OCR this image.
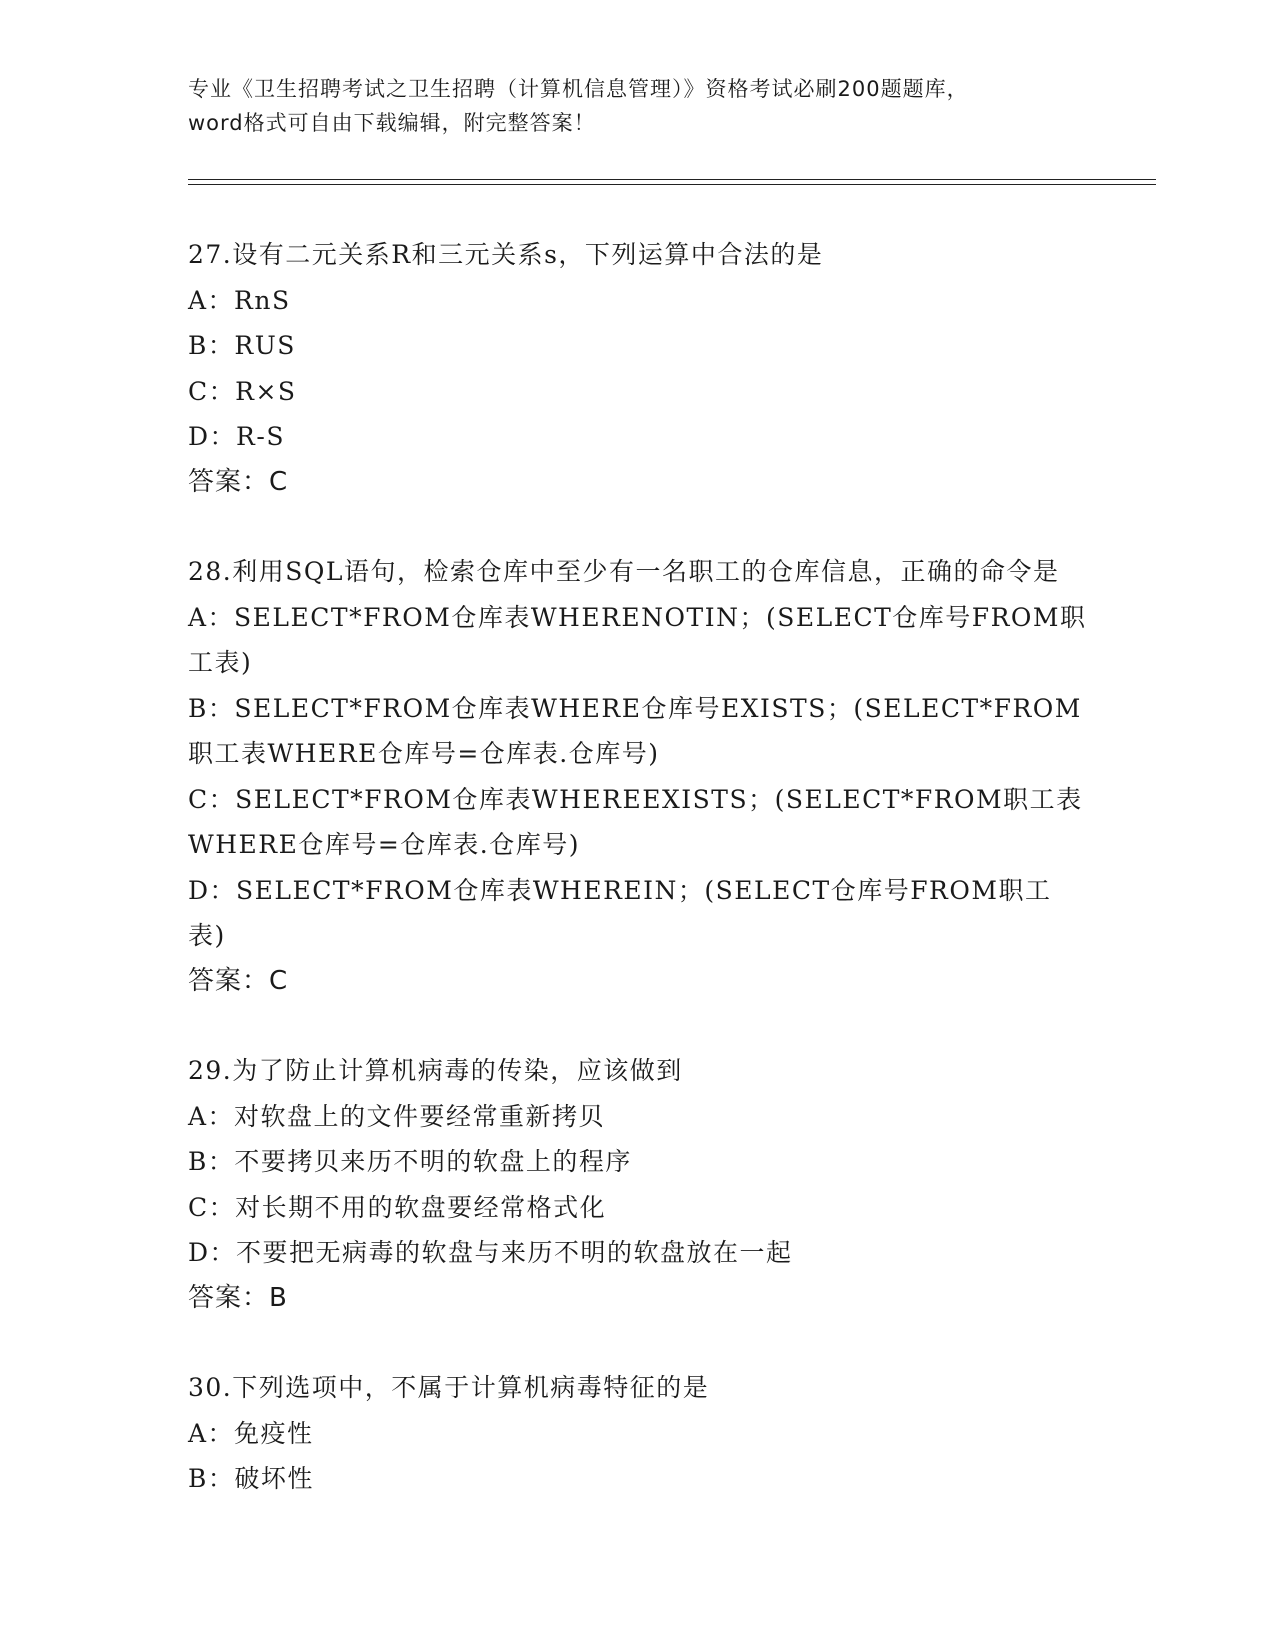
专业《卫生招聘考试之卫生招聘（计算机信息管理）》资格考试必刷200题题库，
word格式可自由下载编辑，附完整答案！
27.设有二元关系R和三元关系s，下列运算中合法的是
A：RnS
B：RUS
C：R×S
D：R-S
答案：C
28.利用SQL语句，检索仓库中至少有一名职工的仓库信息，正确的命令是
A：SELECT*FROM仓库表WHERENOTIN；(SELECT仓库号FROM职工表)
B：SELECT*FROM仓库表WHERE仓库号EXISTS；(SELECT*FROM职工表WHERE仓库号=仓库表.仓库号)
C：SELECT*FROM仓库表WHEREEXISTS；(SELECT*FROM职工表WHERE仓库号=仓库表.仓库号)
D：SELECT*FROM仓库表WHEREIN；(SELECT仓库号FROM职工表)
答案：C
29.为了防止计算机病毒的传染，应该做到
A：对软盘上的文件要经常重新拷贝
B：不要拷贝来历不明的软盘上的程序
C：对长期不用的软盘要经常格式化
D：不要把无病毒的软盘与来历不明的软盘放在一起
答案：B
30.下列选项中，不属于计算机病毒特征的是
A：免疫性
B：破坏性
